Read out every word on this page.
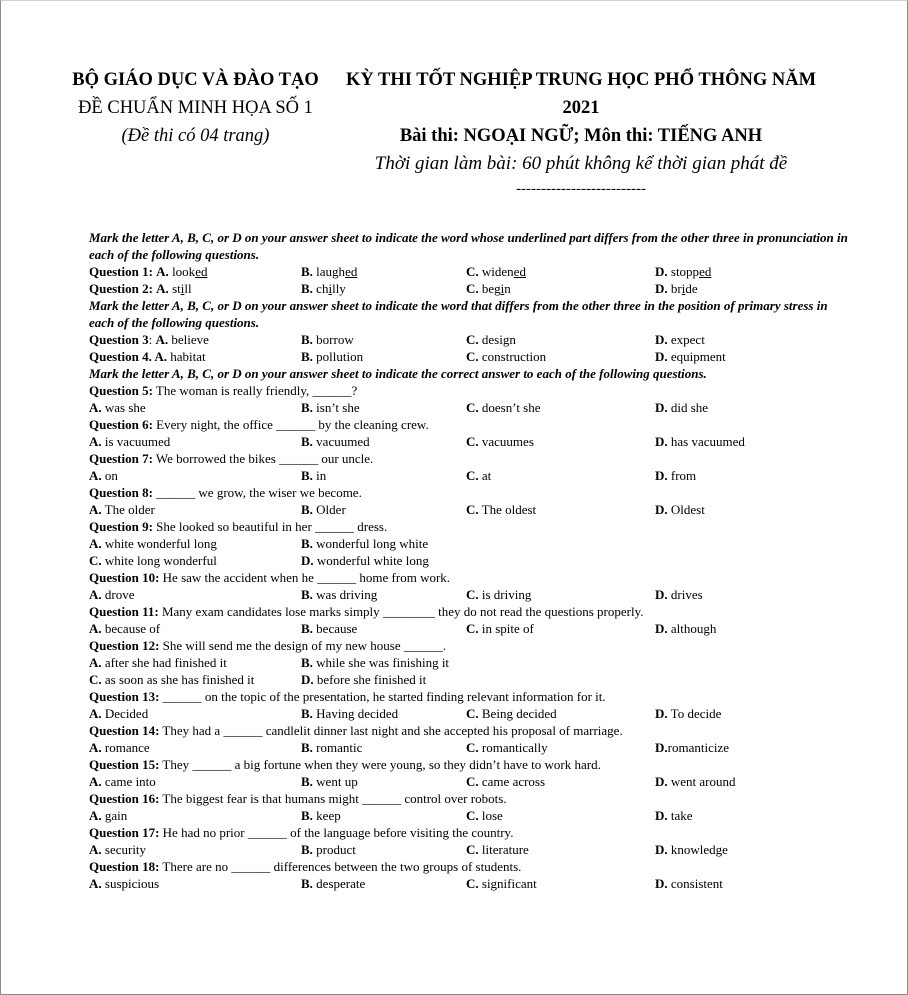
BỘ GIÁO DỤC VÀ ĐÀO TẠO
ĐỀ CHUẨN MINH HỌA SỐ 1
(Đề thi có 04 trang)
KỲ THI TỐT NGHIỆP TRUNG HỌC PHỔ THÔNG NĂM 2021
Bài thi: NGOẠI NGỮ; Môn thi: TIẾNG ANH
Thời gian làm bài: 60 phút không kể thời gian phát đề
--------------------------

Mark the letter A, B, C, or D on your answer sheet to indicate the word whose underlined part differs from the other three in pronunciation in each of the following questions.

Question 1: A. looked	B. laughed	C. widened	D. stopped
Question 2: A. still	B. chilly	C. begin	D. bride

Mark the letter A, B, C, or D on your answer sheet to indicate the word that differs from the other three in the position of primary stress in each of the following questions.

Question 3: A. believe	B. borrow	C. design	D. expect
Question 4. A. habitat	B. pollution	C. construction	D. equipment

Mark the letter A, B, C, or D on your answer sheet to indicate the correct answer to each of the following questions.

Question 5: The woman is really friendly, ______?
A. was she	B. isn’t she	C. doesn’t she	D. did she
Question 6: Every night, the office ______ by the cleaning crew.
A. is vacuumed	B. vacuumed	C. vacuumes	D. has vacuumed
Question 7: We borrowed the bikes ______ our uncle.
A. on	B. in	C. at	D. from
Question 8: ______ we grow, the wiser we become.
A. The older	B. Older	C. The oldest	D. Oldest
Question 9: She looked so beautiful in her ______ dress.
A. white wonderful long	B. wonderful long white
C. white long wonderful	D. wonderful white long
Question 10: He saw the accident when he ______ home from work.
A. drove	B. was driving	C. is driving	D. drives
Question 11: Many exam candidates lose marks simply ________ they do not read the questions properly.
A. because of	B. because	C. in spite of	D. although
Question 12: She will send me the design of my new house ______.
A. after she had finished it	B. while she was finishing it
C. as soon as she has finished it	D. before she finished it
Question 13: ______ on the topic of the presentation, he started finding relevant information for it.
A. Decided	B. Having decided	C. Being decided	D. To decide
Question 14: They had a ______ candlelit dinner last night and she accepted his proposal of marriage.
A. romance	B. romantic	C. romantically	D.romanticize
Question 15: They ______ a big fortune when they were young, so they didn’t have to work hard.
A. came into	B. went up	C. came across	D. went around
Question 16: The biggest fear is that humans might ______ control over robots.
A. gain	B. keep	C. lose	D. take
Question 17: He had no prior ______ of the language before visiting the country.
A. security	B. product	C. literature	D. knowledge
Question 18: There are no ______ differences between the two groups of students.
A. suspicious	B. desperate	C. significant	D. consistent
